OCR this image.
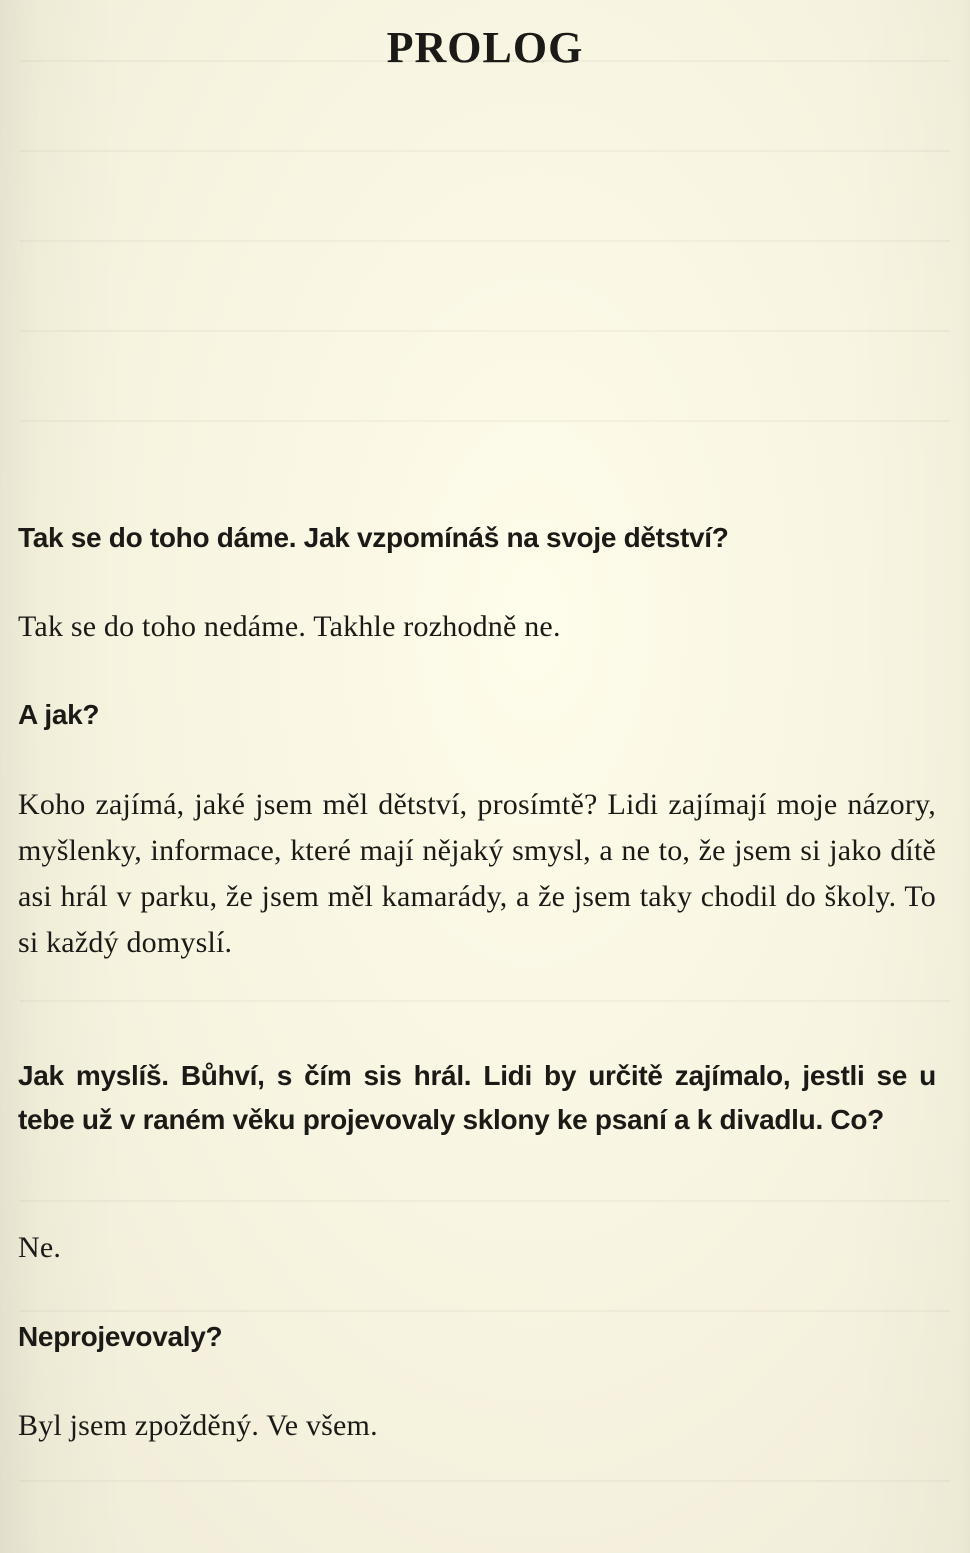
PROLOG

Tak se do toho dáme. Jak vzpomínáš na svoje dětství?

Tak se do toho nedáme. Takhle rozhodně ne.

A jak?

Koho zajímá, jaké jsem měl dětství, prosímtě? Lidi zajímají moje názory, myšlenky, informace, které mají nějaký smysl, a ne to, že jsem si jako dítě asi hrál v parku, že jsem měl kamarády, a že jsem taky chodil do školy. To si každý domyslí.

Jak myslíš. Bůhví, s čím sis hrál. Lidi by určitě zajímalo, jestli se u tebe už v raném věku projevovaly sklony ke psaní a k divadlu. Co?

Ne.

Neprojevovaly?

Byl jsem zpožděný. Ve všem.
